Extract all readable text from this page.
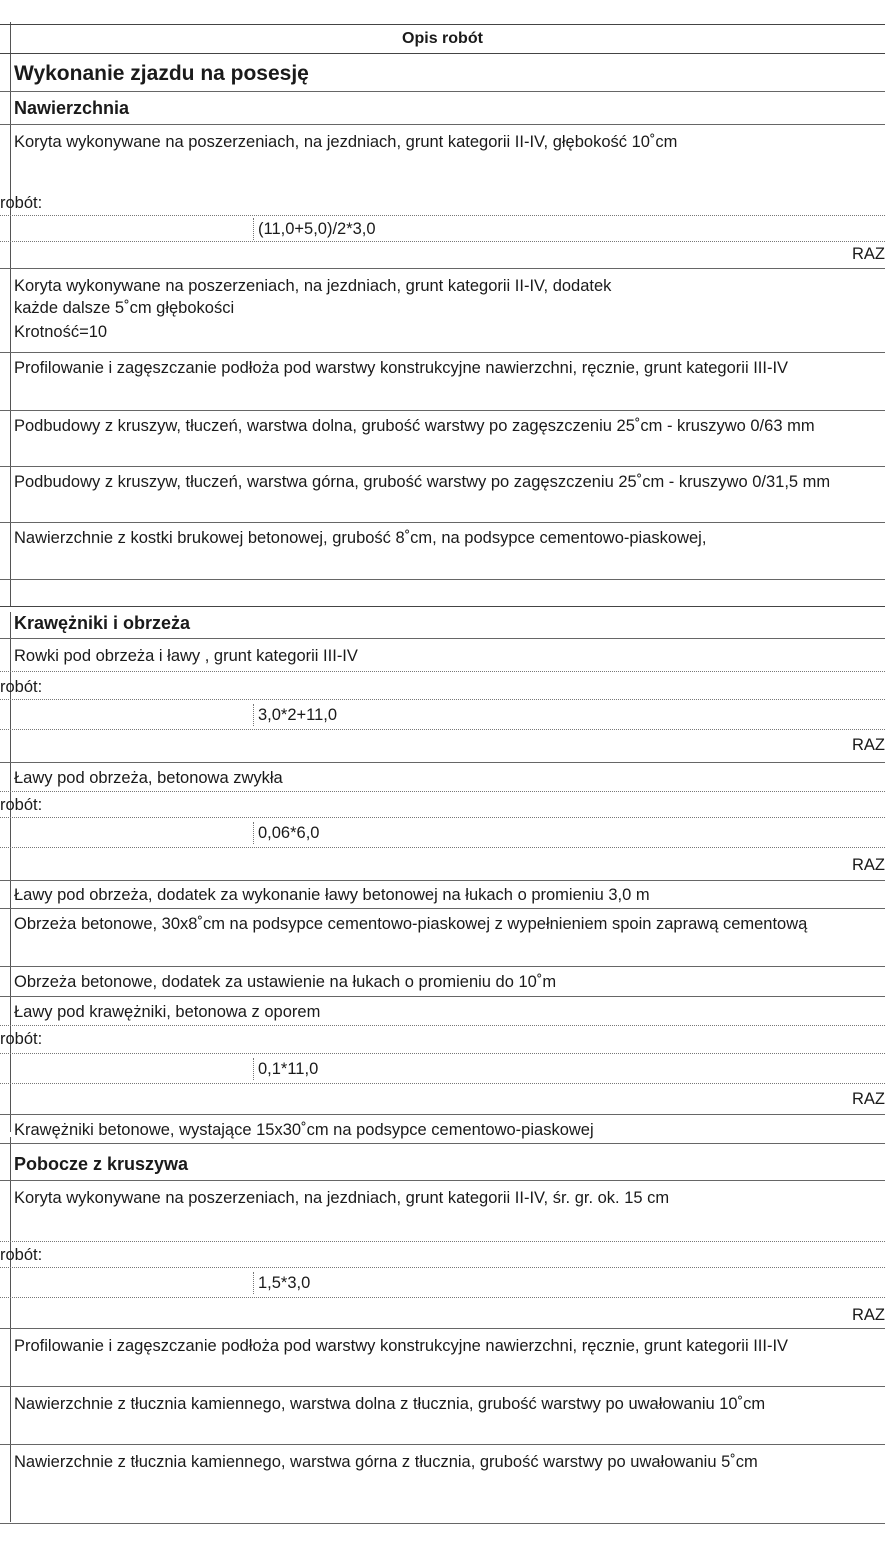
Opis robót
Wykonanie zjazdu na posesję
Nawierzchnia
Koryta wykonywane na poszerzeniach, na jezdniach, grunt kategorii II-IV, głębokość 10˚cm
robót:
(11,0+5,0)/2*3,0
RAZ
Koryta wykonywane na poszerzeniach, na jezdniach, grunt kategorii II-IV, dodatek
każde dalsze 5˚cm głębokości
Krotność=10
Profilowanie i zagęszczanie podłoża pod warstwy konstrukcyjne nawierzchni, ręcznie, grunt kategorii III-IV
Podbudowy z kruszyw, tłuczeń, warstwa dolna, grubość warstwy po zagęszczeniu 25˚cm - kruszywo 0/63 mm
Podbudowy z kruszyw, tłuczeń, warstwa górna, grubość warstwy po zagęszczeniu 25˚cm - kruszywo 0/31,5 mm
Nawierzchnie z kostki brukowej betonowej, grubość 8˚cm, na podsypce cementowo-piaskowej,
Krawężniki i obrzeża
Rowki pod obrzeża i ławy , grunt kategorii III-IV
robót:
3,0*2+11,0
RAZ
Ławy pod obrzeża, betonowa zwykła
robót:
0,06*6,0
RAZ
Ławy pod obrzeża, dodatek za wykonanie ławy betonowej na łukach o promieniu 3,0 m
Obrzeża betonowe, 30x8˚cm na podsypce cementowo-piaskowej z wypełnieniem spoin zaprawą cementową
Obrzeża betonowe, dodatek za ustawienie na łukach o promieniu do 10˚m
Ławy pod krawężniki, betonowa z oporem
robót:
0,1*11,0
RAZ
Krawężniki betonowe, wystające 15x30˚cm na podsypce cementowo-piaskowej
Pobocze z kruszywa
Koryta wykonywane na poszerzeniach, na jezdniach, grunt kategorii II-IV, śr. gr. ok. 15 cm
robót:
1,5*3,0
RAZ
Profilowanie i zagęszczanie podłoża pod warstwy konstrukcyjne nawierzchni, ręcznie, grunt kategorii III-IV
Nawierzchnie z tłucznia kamiennego, warstwa dolna z tłucznia, grubość warstwy po uwałowaniu 10˚cm
Nawierzchnie z tłucznia kamiennego, warstwa górna z tłucznia, grubość warstwy po uwałowaniu 5˚cm
